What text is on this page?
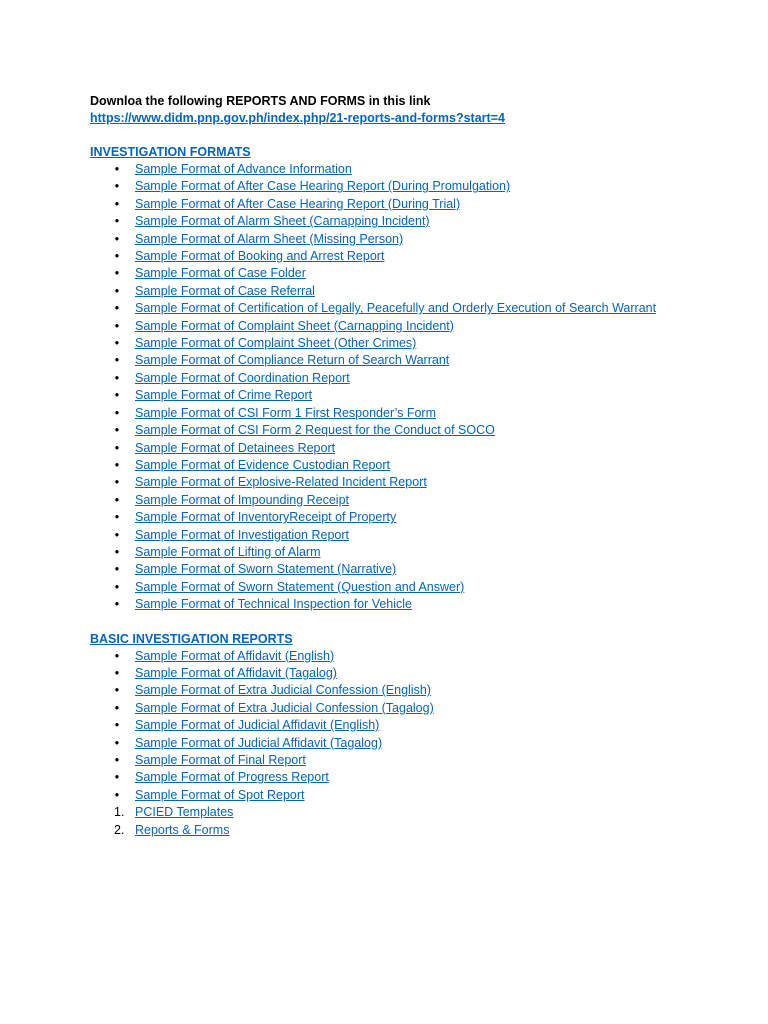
Downloa the following REPORTS AND FORMS in this link

https://www.didm.pnp.gov.ph/index.php/21-reports-and-forms?start=4
INVESTIGATION FORMATS
• Sample Format of Advance Information
• Sample Format of After Case Hearing Report (During Promulgation)
• Sample Format of After Case Hearing Report (During Trial)
• Sample Format of Alarm Sheet (Carnapping Incident)
• Sample Format of Alarm Sheet (Missing Person)
• Sample Format of Booking and Arrest Report
• Sample Format of Case Folder
• Sample Format of Case Referral
• Sample Format of Certification of Legally, Peacefully and Orderly Execution of Search Warrant
• Sample Format of Complaint Sheet (Carnapping Incident)
• Sample Format of Complaint Sheet (Other Crimes)
• Sample Format of Compliance Return of Search Warrant
• Sample Format of Coordination Report
• Sample Format of Crime Report
• Sample Format of CSI Form 1 First Responder’s Form
• Sample Format of CSI Form 2 Request for the Conduct of SOCO
• Sample Format of Detainees Report
• Sample Format of Evidence Custodian Report
• Sample Format of Explosive-Related Incident Report
• Sample Format of Impounding Receipt
• Sample Format of InventoryReceipt of Property
• Sample Format of Investigation Report
• Sample Format of Lifting of Alarm
• Sample Format of Sworn Statement (Narrative)
• Sample Format of Sworn Statement (Question and Answer)
• Sample Format of Technical Inspection for Vehicle
BASIC INVESTIGATION REPORTS
• Sample Format of Affidavit (English)
• Sample Format of Affidavit (Tagalog)
• Sample Format of Extra Judicial Confession (English)
• Sample Format of Extra Judicial Confession (Tagalog)
• Sample Format of Judicial Affidavit (English)
• Sample Format of Judicial Affidavit (Tagalog)
• Sample Format of Final Report
• Sample Format of Progress Report
• Sample Format of Spot Report
1. PCIED Templates
2. Reports & Forms
